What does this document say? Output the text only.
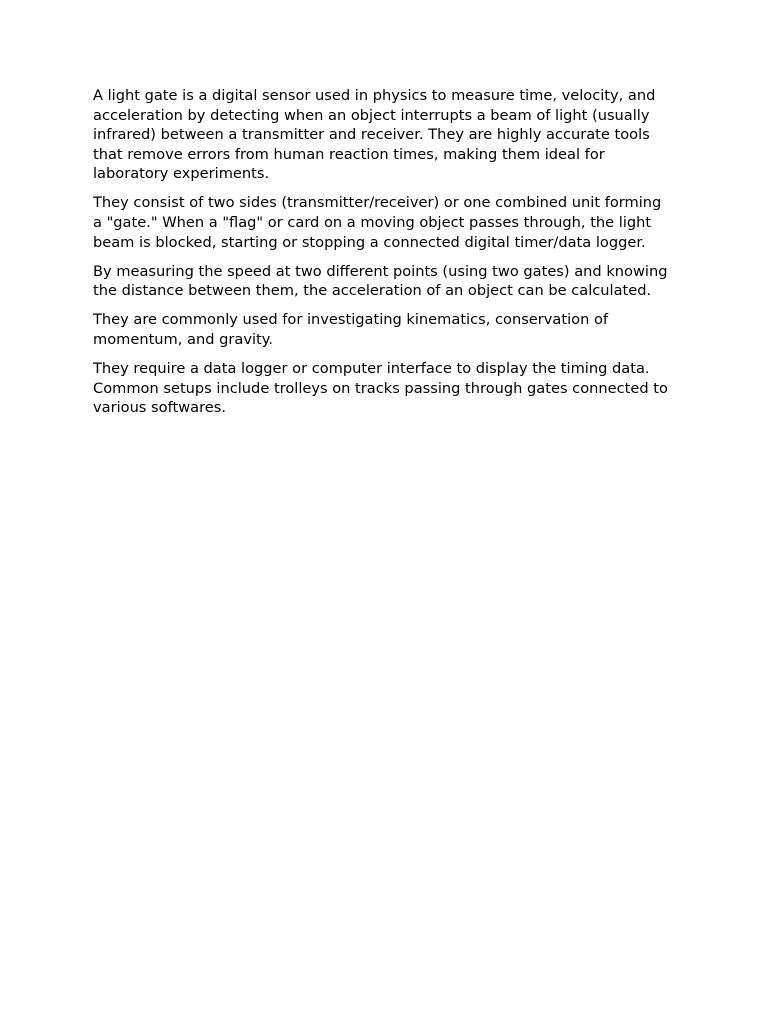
A light gate is a digital sensor used in physics to measure time, velocity, and acceleration by detecting when an object interrupts a beam of light (usually infrared) between a transmitter and receiver. They are highly accurate tools that remove errors from human reaction times, making them ideal for laboratory experiments.

They consist of two sides (transmitter/receiver) or one combined unit forming a "gate." When a "flag" or card on a moving object passes through, the light beam is blocked, starting or stopping a connected digital timer/data logger.

By measuring the speed at two different points (using two gates) and knowing the distance between them, the acceleration of an object can be calculated.

They are commonly used for investigating kinematics, conservation of momentum, and gravity.

They require a data logger or computer interface to display the timing data. Common setups include trolleys on tracks passing through gates connected to various softwares.
